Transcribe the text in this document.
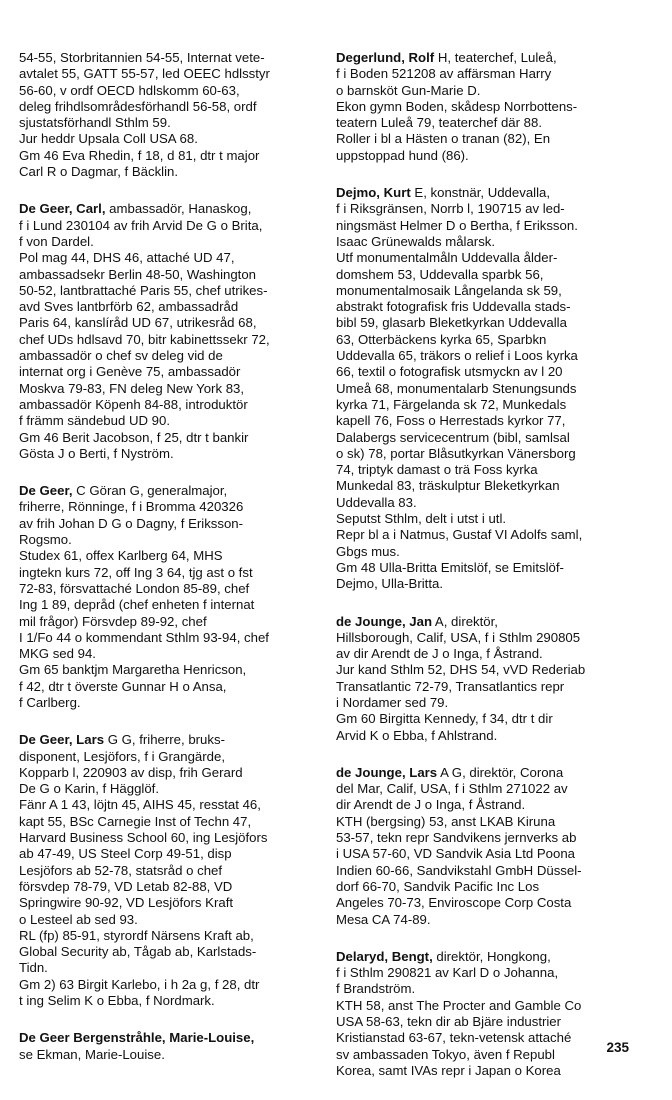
54-55, Storbritannien 54-55, Internat vete-

avtalet 55, GATT 55-57, led OEEC hdlsstyr

56-60, v ordf OECD hdlskomm 60-63,

deleg frihdlsområdesförhandl 56-58, ordf

sjustatsförhandl Sthlm 59.

Jur heddr Upsala Coll USA 68.

Gm 46 Eva Rhedin, f 18, d 81, dtr t major

Carl R o Dagmar, f Bäcklin.

De Geer, Carl, ambassadör, Hanaskog,

f i Lund 230104 av frih Arvid De G o Brita,

f von Dardel.

Pol mag 44, DHS 46, attaché UD 47,

ambassadsekr Berlin 48-50, Washington

50-52, lantbrattaché Paris 55, chef utrikes-

avd Sves lantbrförb 62, ambassadråd

Paris 64, kanslíråd UD 67, utrikesråd 68,

chef UDs hdlsavd 70, bitr kabinettssekr 72,

ambassadör o chef sv deleg vid de

internat org i Genève 75, ambassadör

Moskva 79-83, FN deleg New York 83,

ambassadör Köpenh 84-88, introduktör

f främm sändebud UD 90.

Gm 46 Berit Jacobson, f 25, dtr t bankir

Gösta J o Berti, f Nyström.

De Geer, C Göran G, generalmajor,

friherre, Rönninge, f i Bromma 420326

av frih Johan D G o Dagny, f Eriksson-

Rogsmo.

Studex 61, offex Karlberg 64, MHS

ingtekn kurs 72, off Ing 3 64, tjg ast o fst

72-83, försvattaché London 85-89, chef

Ing 1 89, depråd (chef enheten f internat

mil frågor) Försvdep 89-92, chef

I 1/Fo 44 o kommendant Sthlm 93-94, chef

MKG sed 94.

Gm 65 banktjm Margaretha Henricson,

f 42, dtr t överste Gunnar H o Ansa,

f Carlberg.

De Geer, Lars G G, friherre, bruks-

disponent, Lesjöfors, f i Grangärde,

Kopparb l, 220903 av disp, frih Gerard

De G o Karin, f Hägglöf.

Fänr A 1 43, löjtn 45, AIHS 45, resstat 46,

kapt 55, BSc Carnegie Inst of Techn 47,

Harvard Business School 60, ing Lesjöfors

ab 47-49, US Steel Corp 49-51, disp

Lesjöfors ab 52-78, statsråd o chef

försvdep 78-79, VD Letab 82-88, VD

Springwire 90-92, VD Lesjöfors Kraft

o Lesteel ab sed 93.

RL (fp) 85-91, styrordf Närsens Kraft ab,

Global Security ab, Tågab ab, Karlstads-

Tidn.

Gm 2) 63 Birgit Karlebo, i h 2a g, f 28, dtr

t ing Selim K o Ebba, f Nordmark.

De Geer Bergenstråhle, Marie-Louise,

se Ekman, Marie-Louise.

Degerlund, Rolf H, teaterchef, Luleå,

f i Boden 521208 av affärsman Harry

o barnsköt Gun-Marie D.

Ekon gymn Boden, skådesp Norrbottens-

teatern Luleå 79, teaterchef där 88.

Roller i bl a Hästen o tranan (82), En

uppstoppad hund (86).

Dejmo, Kurt E, konstnär, Uddevalla,

f i Riksgränsen, Norrb l, 190715 av led-

ningsmäst Helmer D o Bertha, f Eriksson.

Isaac Grünewalds målarsk.

Utf monumentalmåln Uddevalla ålder-

domshem 53, Uddevalla sparbk 56,

monumentalmosaik Långelanda sk 59,

abstrakt fotografisk fris Uddevalla stads-

bibl 59, glasarb Bleketkyrkan Uddevalla

63, Otterbäckens kyrka 65, Sparbkn

Uddevalla 65, träkors o relief i Loos kyrka

66, textil o fotografisk utsmyckn av l 20

Umeå 68, monumentalarb Stenungsunds

kyrka 71, Färgelanda sk 72, Munkedals

kapell 76, Foss o Herrestads kyrkor 77,

Dalabergs servicecentrum (bibl, samlsal

o sk) 78, portar Blåsutkyrkan Vänersborg

74, triptyk damast o trä Foss kyrka

Munkedal 83, träskulptur Bleketkyrkan

Uddevalla 83.

Seputst Sthlm, delt i utst i utl.

Repr bl a i Natmus, Gustaf VI Adolfs saml,

Gbgs mus.

Gm 48 Ulla-Britta Emitslöf, se Emitslöf-

Dejmo, Ulla-Britta.

de Jounge, Jan A, direktör,

Hillsborough, Calif, USA, f i Sthlm 290805

av dir Arendt de J o Inga, f Åstrand.

Jur kand Sthlm 52, DHS 54, vVD Rederiab

Transatlantic 72-79, Transatlantics repr

i Nordamer sed 79.

Gm 60 Birgitta Kennedy, f 34, dtr t dir

Arvid K o Ebba, f Ahlstrand.

de Jounge, Lars A G, direktör, Corona

del Mar, Calif, USA, f i Sthlm 271022 av

dir Arendt de J o Inga, f Åstrand.

KTH (bergsing) 53, anst LKAB Kiruna

53-57, tekn repr Sandvikens jernverks ab

i USA 57-60, VD Sandvik Asia Ltd Poona

Indien 60-66, Sandvikstahl GmbH Düssel-

dorf 66-70, Sandvik Pacific Inc Los

Angeles 70-73, Enviroscope Corp Costa

Mesa CA 74-89.

Delaryd, Bengt, direktör, Hongkong,

f i Sthlm 290821 av Karl D o Johanna,

f Brandström.

KTH 58, anst The Procter and Gamble Co

USA 58-63, tekn dir ab Bjäre industrier

Kristianstad 63-67, tekn-vetensk attaché

sv ambassaden Tokyo, även f Republ

Korea, samt IVAs repr i Japan o Korea

235
